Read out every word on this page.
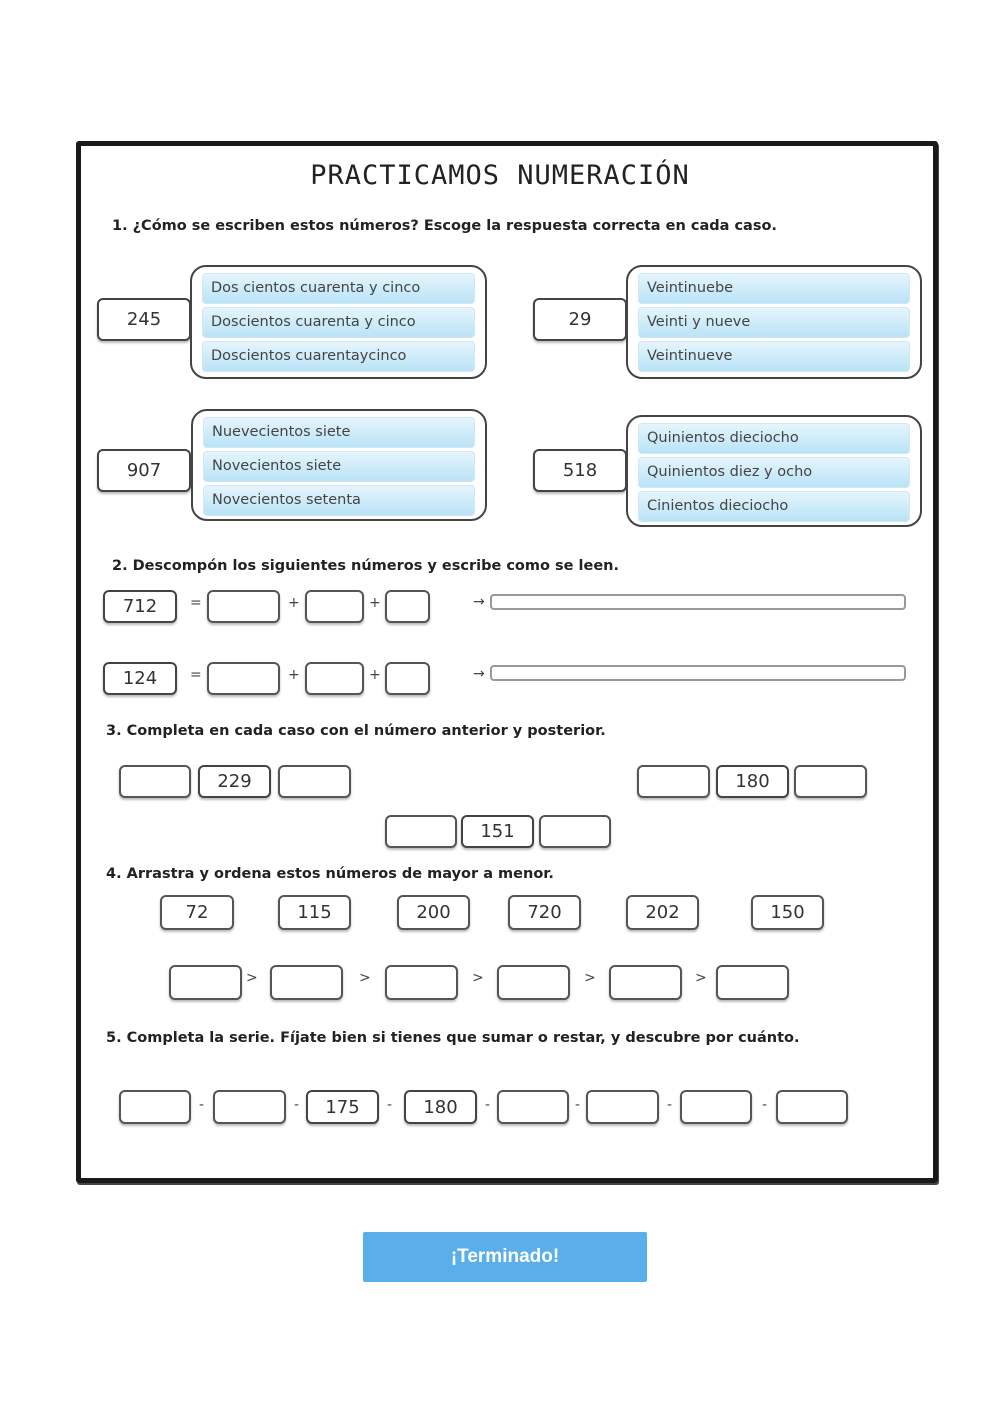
PRACTICAMOS NUMERACIÓN
1. ¿Cómo se escriben estos números? Escoge la respuesta correcta en cada caso.
245
Dos cientos cuarenta y cinco
Doscientos cuarenta y cinco
Doscientos cuarentaycinco
29
Veintinuebe
Veinti y nueve
Veintinueve
907
Nuevecientos siete
Novecientos siete
Novecientos setenta
518
Quinientos dieciocho
Quinientos diez y ocho
Cinientos dieciocho
2. Descompón los siguientes números y escribe como se leen.
712	=	+	+	→
124	=	+	+	→
3. Completa en cada caso con el número anterior y posterior.
229	180
151
4. Arrastra y ordena estos números de mayor a menor.
72	115	200	720	202	150
>	>	>	>	>
5. Completa la serie. Fíjate bien si tienes que sumar o restar, y descubre por cuánto.
-	-	175	-	180	-	-	-	-
¡Terminado!
